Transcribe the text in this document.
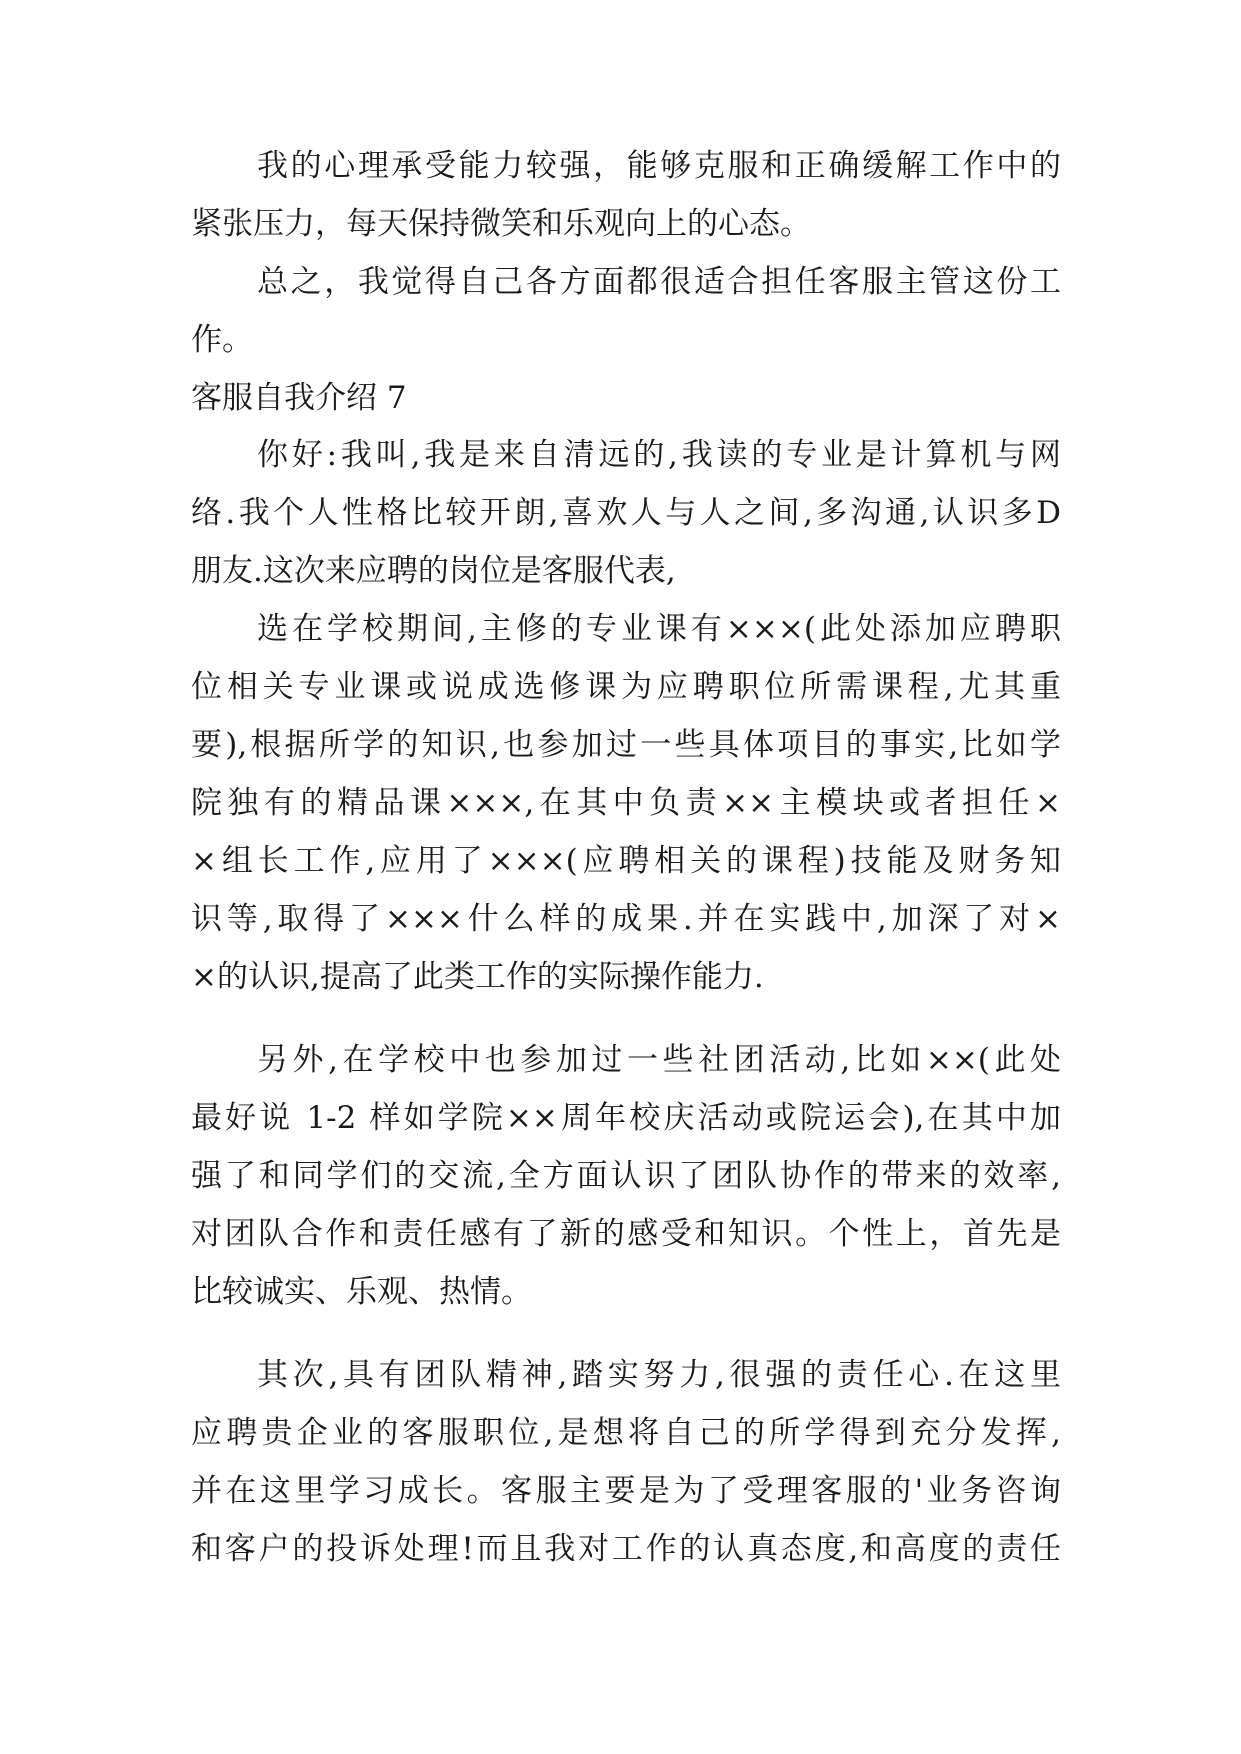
我的心理承受能力较强，能够克服和正确缓解工作中的
紧张压力，每天保持微笑和乐观向上的心态。
总之，我觉得自己各方面都很适合担任客服主管这份工
作。
客服自我介绍 7
你好:我叫,我是来自清远的,我读的专业是计算机与网
络.我个人性格比较开朗,喜欢人与人之间,多沟通,认识多D
朋友.这次来应聘的岗位是客服代表,
选在学校期间,主修的专业课有×××(此处添加应聘职
位相关专业课或说成选修课为应聘职位所需课程,尤其重
要),根据所学的知识,也参加过一些具体项目的事实,比如学
院独有的精品课×××,在其中负责××主模块或者担任×
×组长工作,应用了×××(应聘相关的课程)技能及财务知
识等,取得了×××什么样的成果.并在实践中,加深了对×
×的认识,提高了此类工作的实际操作能力.
另外,在学校中也参加过一些社团活动,比如××(此处
最好说 1-2 样如学院××周年校庆活动或院运会),在其中加
强了和同学们的交流,全方面认识了团队协作的带来的效率,
对团队合作和责任感有了新的感受和知识。个性上，首先是
比较诚实、乐观、热情。
其次,具有团队精神,踏实努力,很强的责任心.在这里
应聘贵企业的客服职位,是想将自己的所学得到充分发挥,
并在这里学习成长。客服主要是为了受理客服的'业务咨询
和客户的投诉处理!而且我对工作的认真态度,和高度的责任
